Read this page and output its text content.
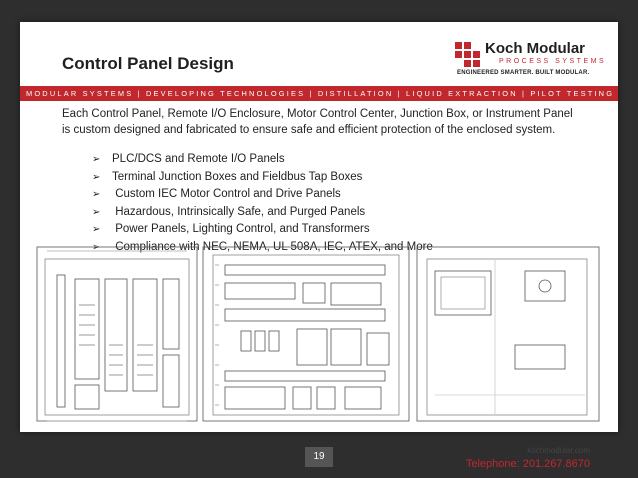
Control Panel Design
Koch Modular
PROCESS SYSTEMS
ENGINEERED SMARTER. BUILT MODULAR.
MODULAR SYSTEMS | DEVELOPING TECHNOLOGIES | DISTILLATION | LIQUID EXTRACTION | PILOT TESTING
Each Control Panel, Remote I/O Enclosure, Motor Control Center, Junction Box, or Instrument Panel is custom designed and fabricated to ensure safe and efficient protection of the enclosed system.
➢ PLC/DCS and Remote I/O Panels
➢ Terminal Junction Boxes and Fieldbus Tap Boxes
➢ Custom IEC Motor Control and Drive Panels
➢ Hazardous, Intrinsically Safe, and Purged Panels
➢ Power Panels, Lighting Control, and Transformers
➢ Compliance with NEC, NEMA, UL 508A, IEC, ATEX, and More
19
kochmodular.com
Telephone: 201.267.8670
